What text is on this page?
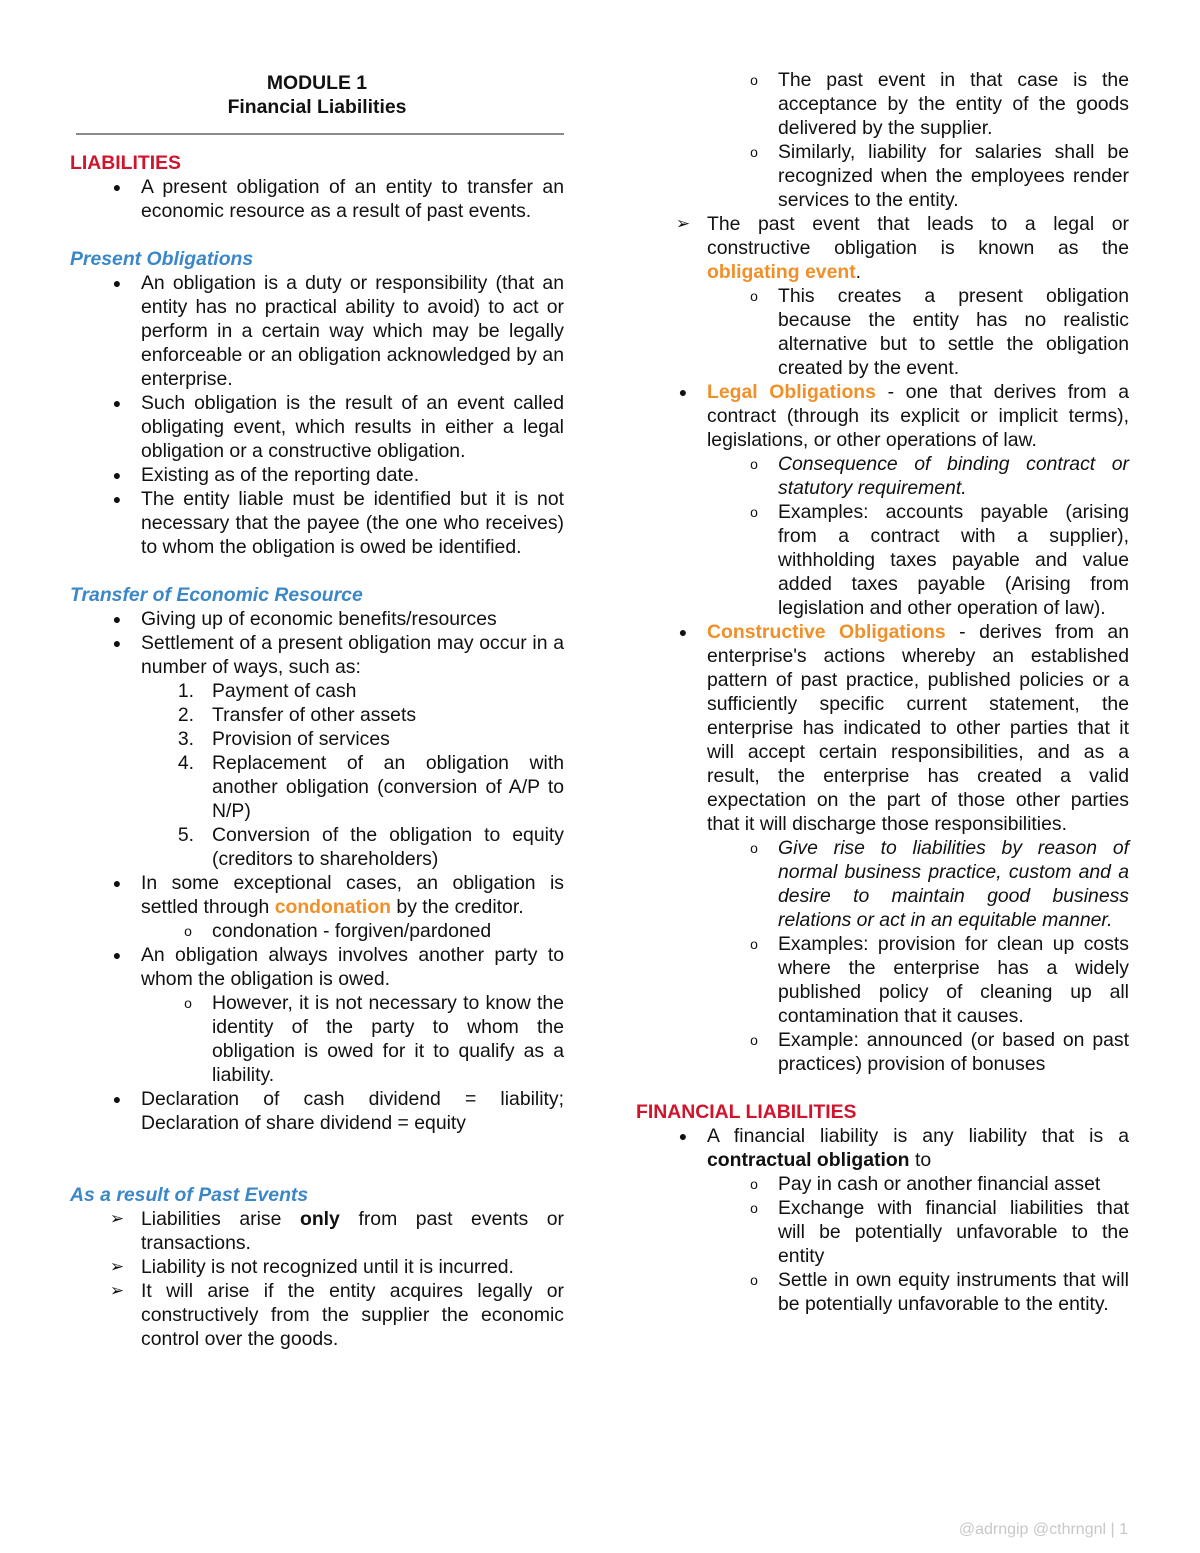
MODULE 1
Financial Liabilities
LIABILITIES
●	A present obligation of an entity to transfer an economic resource as a result of past events.
Present Obligations
●	An obligation is a duty or responsibility (that an entity has no practical ability to avoid) to act or perform in a certain way which may be legally enforceable or an obligation acknowledged by an enterprise.
●	Such obligation is the result of an event called obligating event, which results in either a legal obligation or a constructive obligation.
●	Existing as of the reporting date.
●	The entity liable must be identified but it is not necessary that the payee (the one who receives) to whom the obligation is owed be identified.
Transfer of Economic Resource
●	Giving up of economic benefits/resources
●	Settlement of a present obligation may occur in a number of ways, such as:
1. Payment of cash
2. Transfer of other assets
3. Provision of services
4. Replacement of an obligation with another obligation (conversion of A/P to N/P)
5. Conversion of the obligation to equity (creditors to shareholders)
●	In some exceptional cases, an obligation is settled through condonation by the creditor.
o	condonation - forgiven/pardoned
●	An obligation always involves another party to whom the obligation is owed.
o	However, it is not necessary to know the identity of the party to whom the obligation is owed for it to qualify as a liability.
●	Declaration of cash dividend = liability; Declaration of share dividend = equity
As a result of Past Events
➢ Liabilities arise only from past events or transactions.
➢ Liability is not recognized until it is incurred.
➢ It will arise if the entity acquires legally or constructively from the supplier the economic control over the goods.
o	The past event in that case is the acceptance by the entity of the goods delivered by the supplier.
o	Similarly, liability for salaries shall be recognized when the employees render services to the entity.
➢ The past event that leads to a legal or constructive obligation is known as the obligating event.
o	This creates a present obligation because the entity has no realistic alternative but to settle the obligation created by the event.
●	Legal Obligations - one that derives from a contract (through its explicit or implicit terms), legislations, or other operations of law.
o	Consequence of binding contract or statutory requirement.
o	Examples: accounts payable (arising from a contract with a supplier), withholding taxes payable and value added taxes payable (Arising from legislation and other operation of law).
●	Constructive Obligations - derives from an enterprise's actions whereby an established pattern of past practice, published policies or a sufficiently specific current statement, the enterprise has indicated to other parties that it will accept certain responsibilities, and as a result, the enterprise has created a valid expectation on the part of those other parties that it will discharge those responsibilities.
o	Give rise to liabilities by reason of normal business practice, custom and a desire to maintain good business relations or act in an equitable manner.
o	Examples: provision for clean up costs where the enterprise has a widely published policy of cleaning up all contamination that it causes.
o	Example: announced (or based on past practices) provision of bonuses
FINANCIAL LIABILITIES
●	A financial liability is any liability that is a contractual obligation to
o	Pay in cash or another financial asset
o	Exchange with financial liabilities that will be potentially unfavorable to the entity
o	Settle in own equity instruments that will be potentially unfavorable to the entity.
@adrngip @cthrngnl | 1
